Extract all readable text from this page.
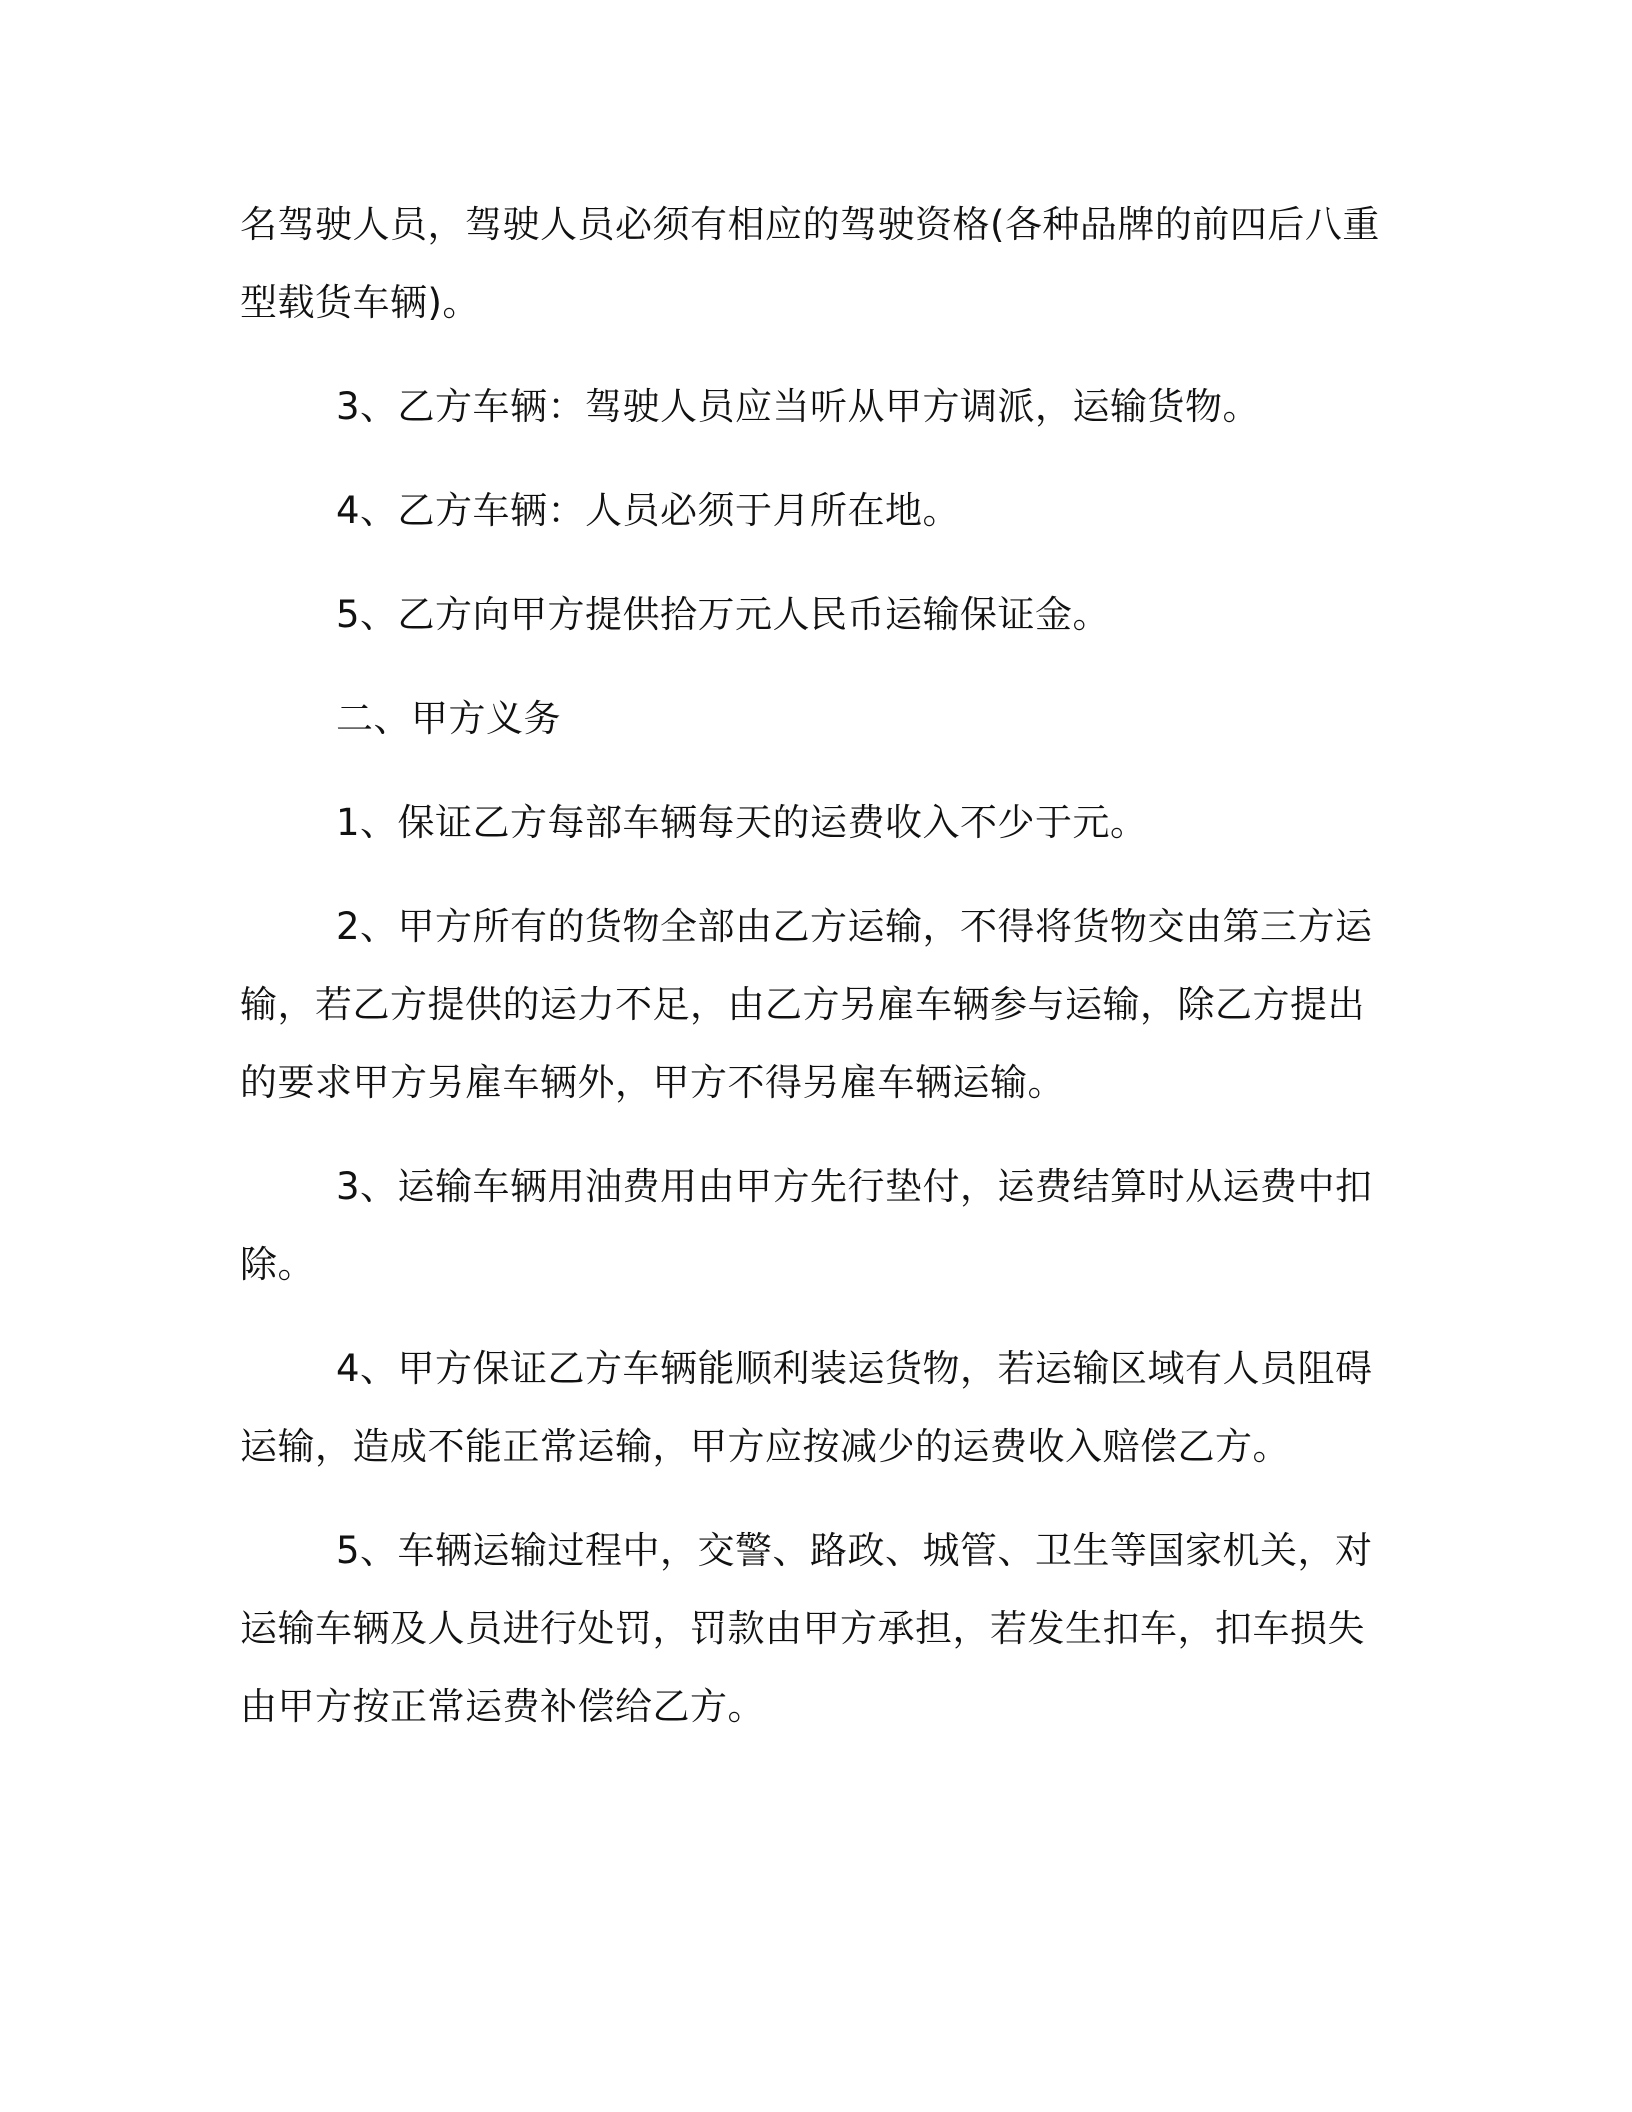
名驾驶人员，驾驶人员必须有相应的驾驶资格(各种品牌的前四后八重型载货车辆)。

3、乙方车辆：驾驶人员应当听从甲方调派，运输货物。

4、乙方车辆：人员必须于月所在地。

5、乙方向甲方提供拾万元人民币运输保证金。

二、甲方义务

1、保证乙方每部车辆每天的运费收入不少于元。

2、甲方所有的货物全部由乙方运输，不得将货物交由第三方运输，若乙方提供的运力不足，由乙方另雇车辆参与运输，除乙方提出的要求甲方另雇车辆外，甲方不得另雇车辆运输。

3、运输车辆用油费用由甲方先行垫付，运费结算时从运费中扣除。

4、甲方保证乙方车辆能顺利装运货物，若运输区域有人员阻碍运输，造成不能正常运输，甲方应按减少的运费收入赔偿乙方。

5、车辆运输过程中，交警、路政、城管、卫生等国家机关，对运输车辆及人员进行处罚，罚款由甲方承担，若发生扣车，扣车损失由甲方按正常运费补偿给乙方。
